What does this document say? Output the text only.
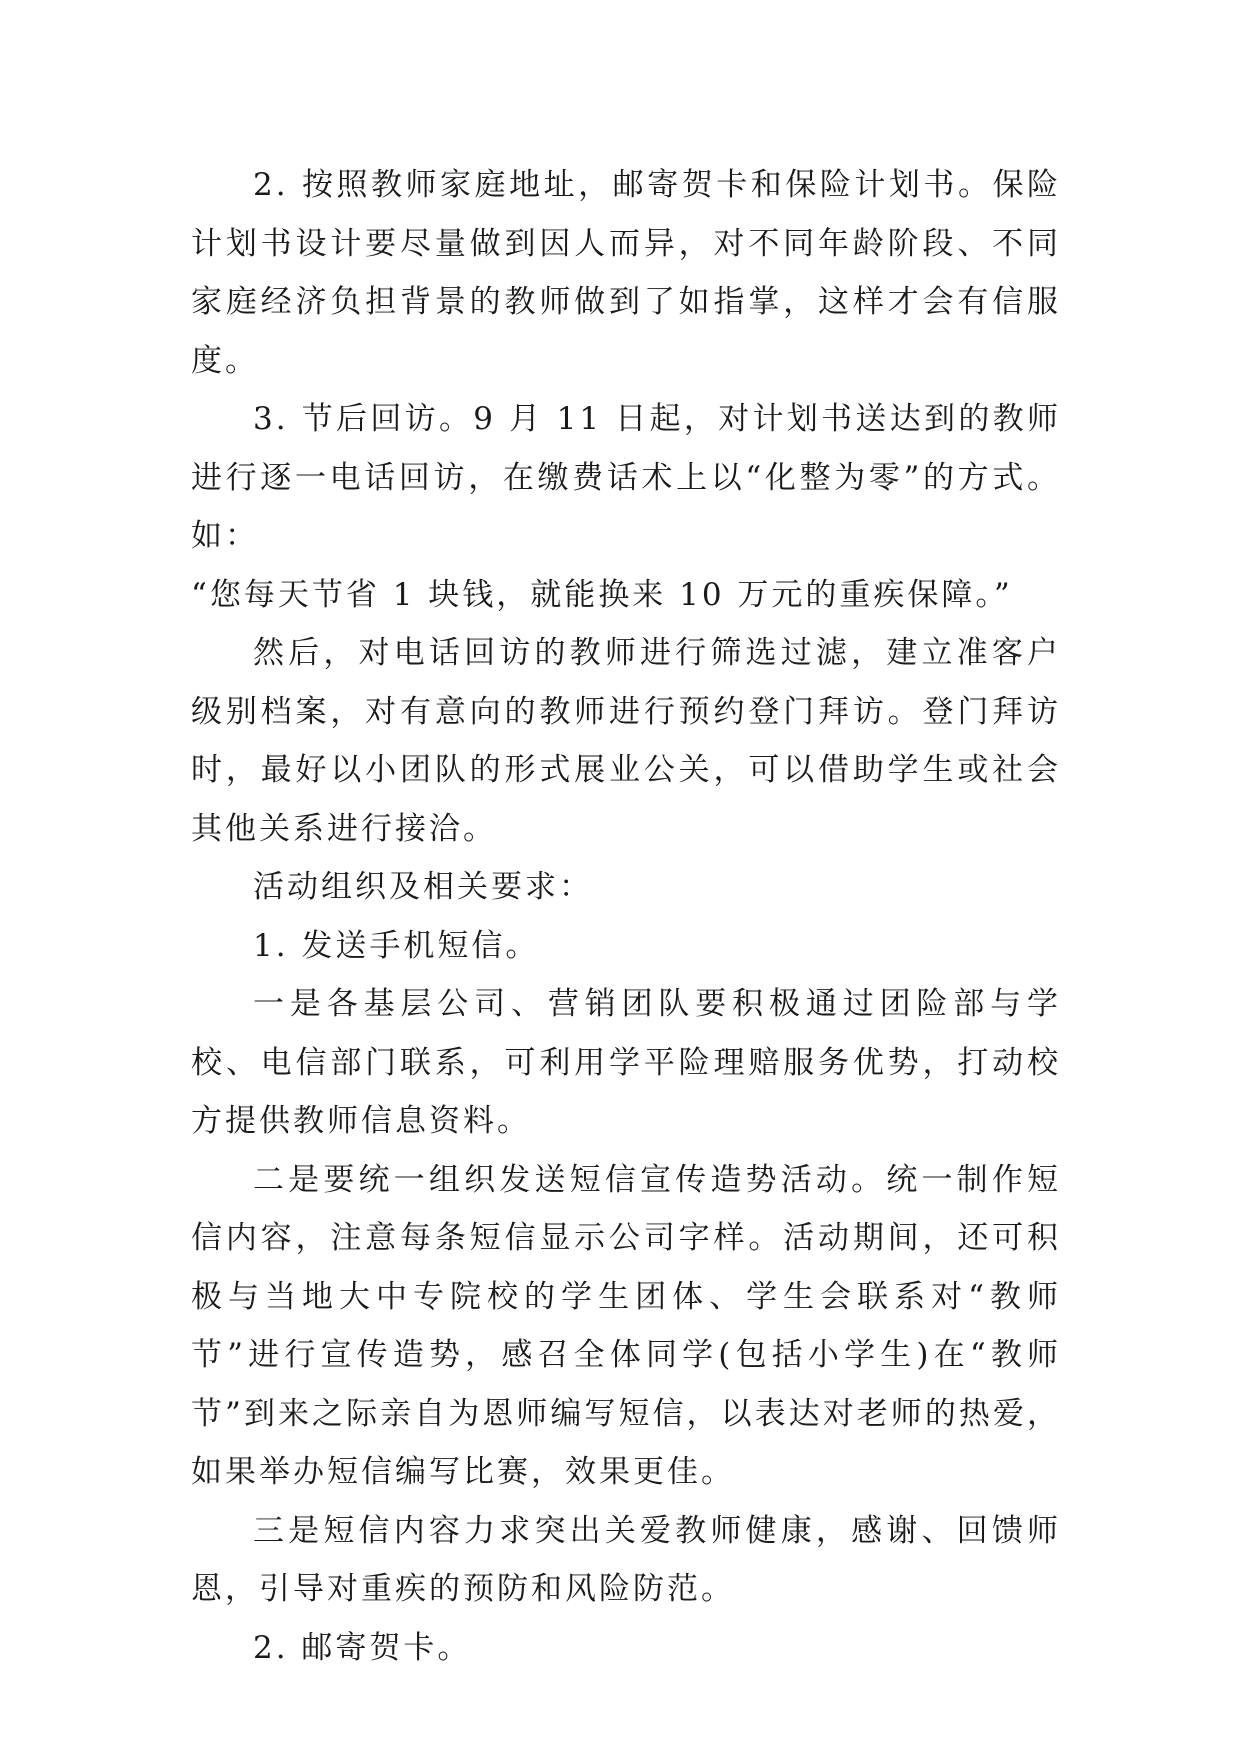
2. 按照教师家庭地址，邮寄贺卡和保险计划书。保险计划书设计要尽量做到因人而异，对不同年龄阶段、不同家庭经济负担背景的教师做到了如指掌，这样才会有信服度。

3. 节后回访。9 月 11 日起，对计划书送达到的教师进行逐一电话回访，在缴费话术上以“化整为零”的方式。如：

“您每天节省 1 块钱，就能换来 10 万元的重疾保障。”

然后，对电话回访的教师进行筛选过滤，建立准客户级别档案，对有意向的教师进行预约登门拜访。登门拜访时，最好以小团队的形式展业公关，可以借助学生或社会其他关系进行接洽。

活动组织及相关要求：

1. 发送手机短信。

一是各基层公司、营销团队要积极通过团险部与学校、电信部门联系，可利用学平险理赔服务优势，打动校方提供教师信息资料。

二是要统一组织发送短信宣传造势活动。统一制作短信内容，注意每条短信显示公司字样。活动期间，还可积极与当地大中专院校的学生团体、学生会联系对“教师节”进行宣传造势，感召全体同学(包括小学生)在“教师节”到来之际亲自为恩师编写短信，以表达对老师的热爱，如果举办短信编写比赛，效果更佳。

三是短信内容力求突出关爱教师健康，感谢、回馈师恩，引导对重疾的预防和风险防范。

2. 邮寄贺卡。
